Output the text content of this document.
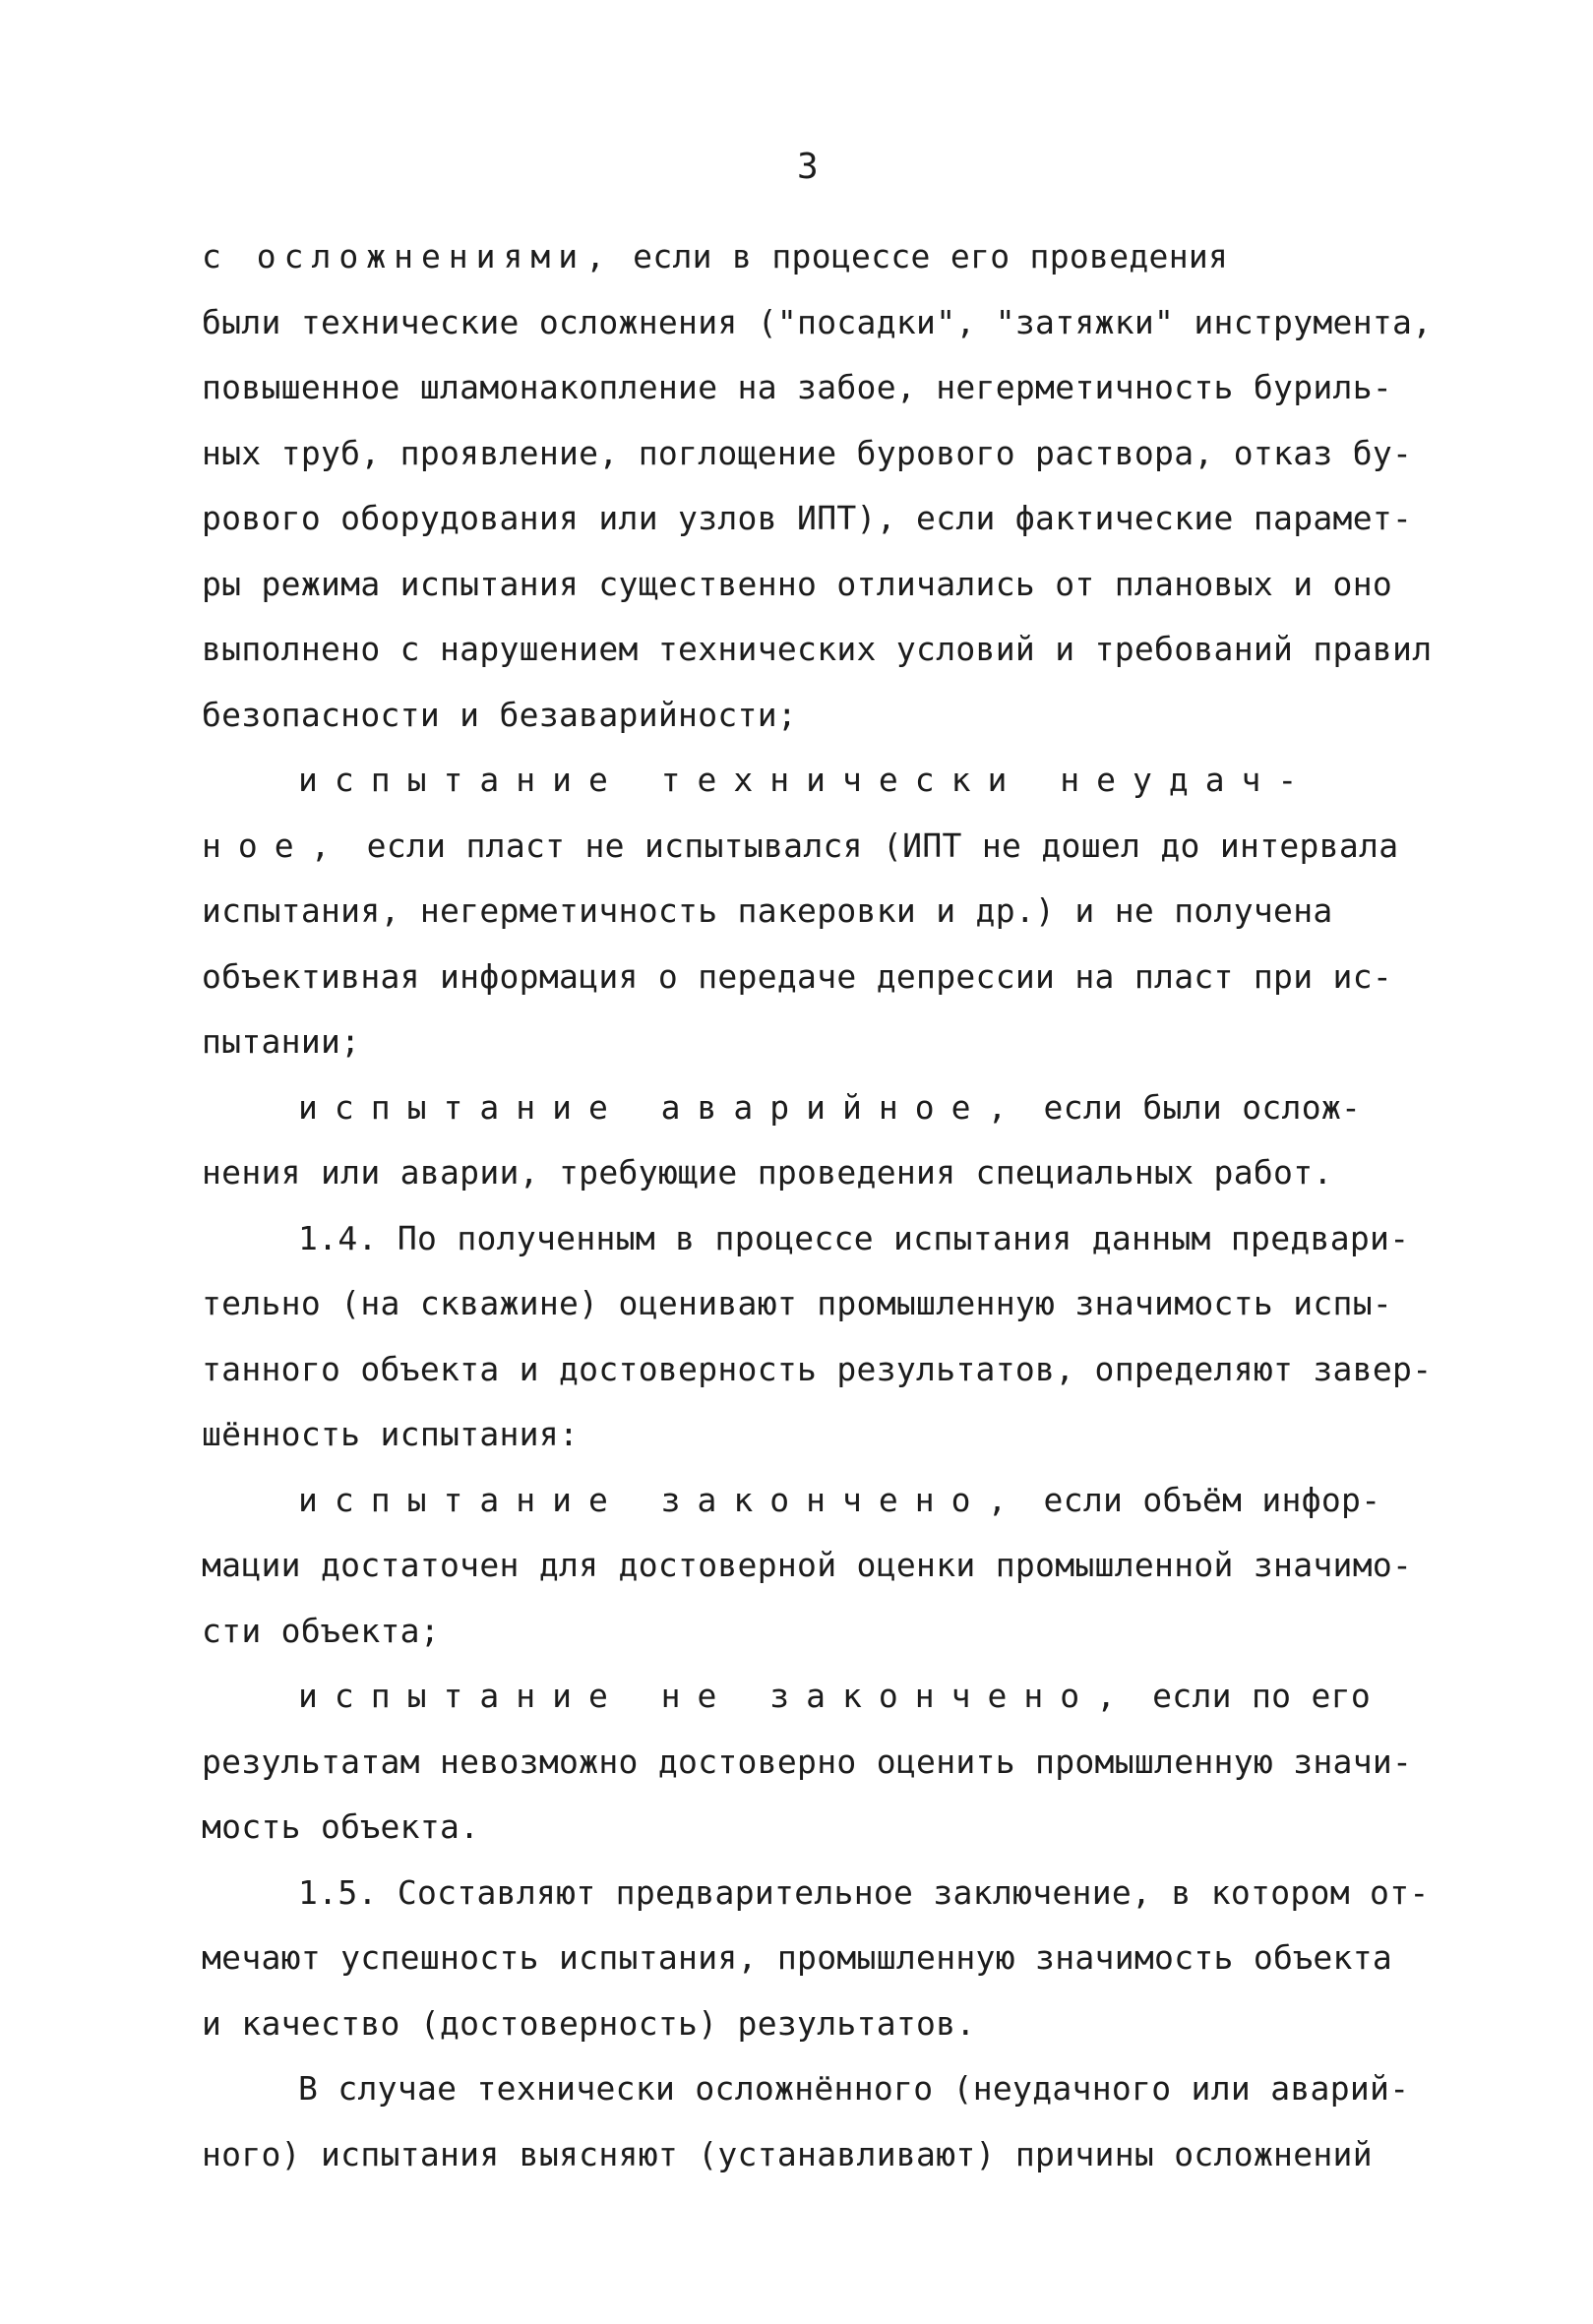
3
с осложнениями, если в процессе его проведения
были технические осложнения ("посадки", "затяжки" инструмента,
повышенное шламонакопление на забое, негерметичность буриль-
ных труб, проявление, поглощение бурового раствора, отказ бу-
рового оборудования или узлов ИПТ), если фактические парамет-
ры режима испытания существенно отличались от плановых и оно
выполнено с нарушением технических условий и требований правил
безопасности и безаварийности;
испытание технически неудач-
ное, если пласт не испытывался (ИПТ не дошел до интервала
испытания, негерметичность пакеровки и др.) и не получена
объективная информация о передаче депрессии на пласт при ис-
пытании;
испытание аварийное, если были ослож-
нения или аварии, требующие проведения специальных работ.
1.4. По полученным в процессе испытания данным предвари-
тельно (на скважине) оценивают промышленную значимость испы-
танного объекта и достоверность результатов, определяют завер-
шённость испытания:
испытание закончено, если объём инфор-
мации достаточен для достоверной оценки промышленной значимо-
сти объекта;
испытание не закончено, если по его
результатам невозможно достоверно оценить промышленную значи-
мость объекта.
1.5. Составляют предварительное заключение, в котором от-
мечают успешность испытания, промышленную значимость объекта
и качество (достоверность) результатов.
В случае технически осложнённого (неудачного или аварий-
ного) испытания выясняют (устанавливают) причины осложнений
